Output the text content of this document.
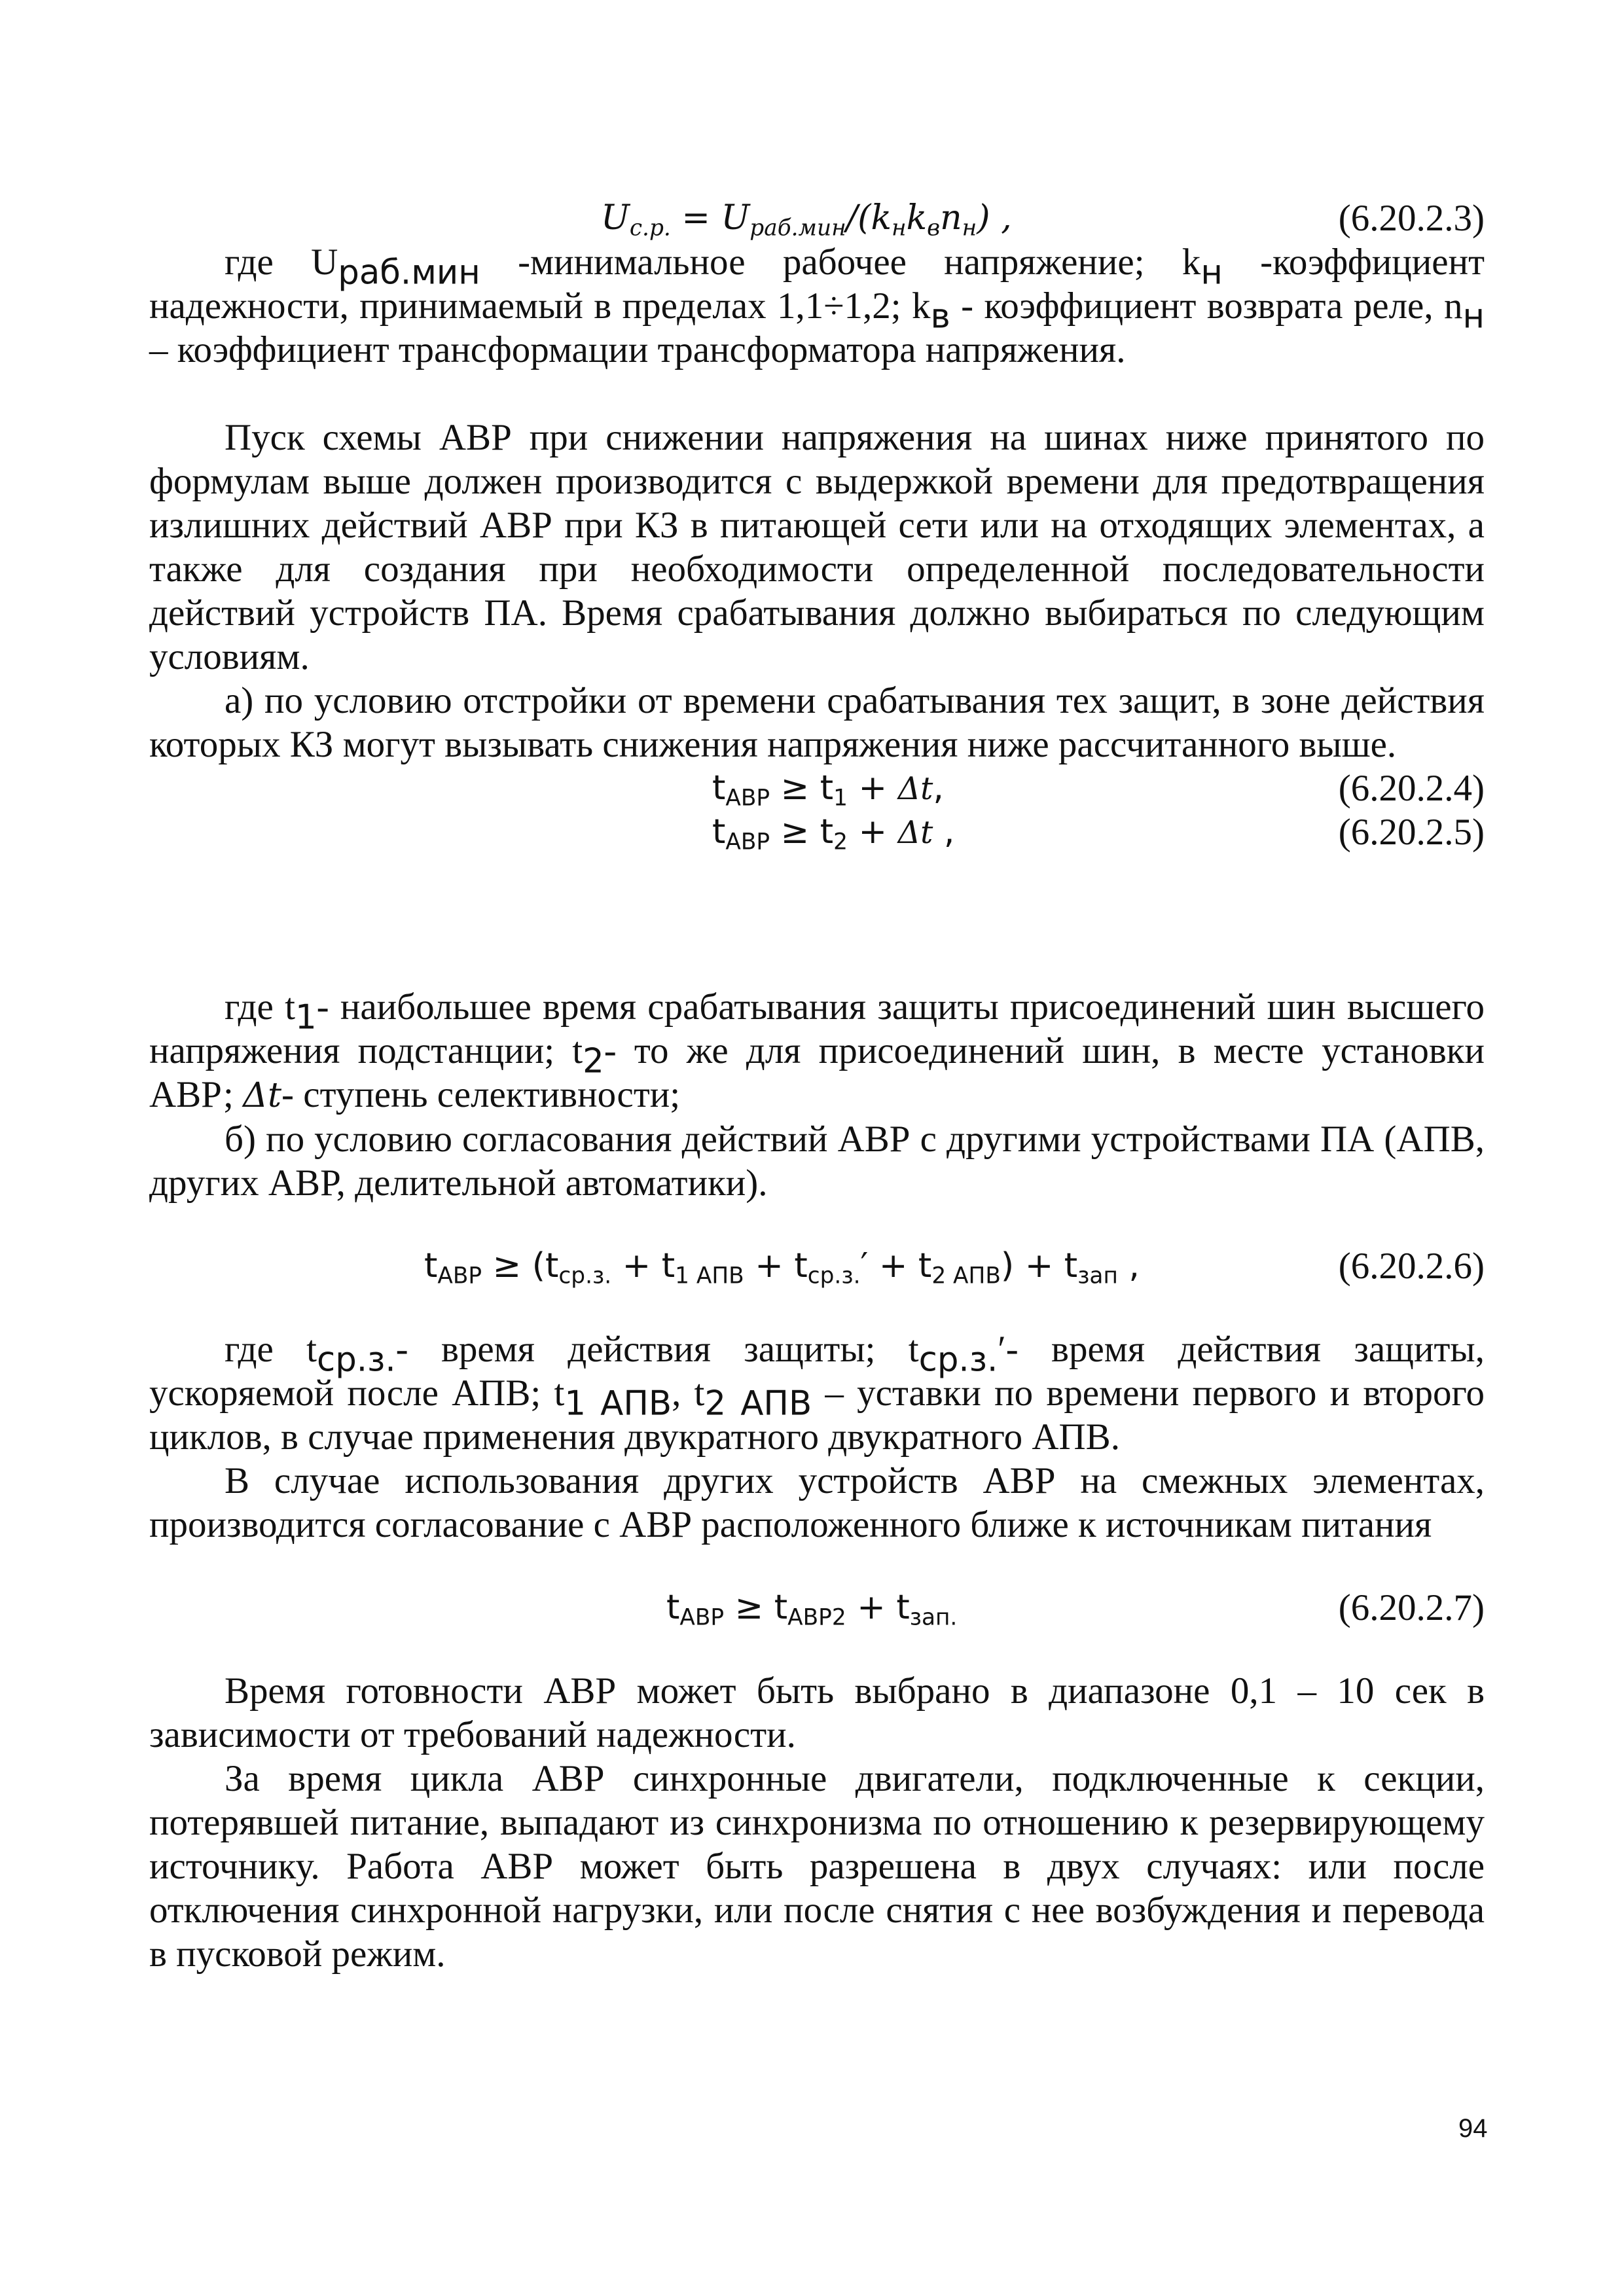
$U_{с.р.} = U_{раб.мин}/(k_нk_вn_н)$ ,	(6.20.2.3)

где $U_{раб.мин}$ -минимальное рабочее напряжение; $k_н$ -коэффициент надежности, принимаемый в пределах 1,1÷1,2; $k_в$ - коэффициент возврата реле, $n_н$ – коэффициент трансформации трансформатора напряжения.

Пуск схемы АВР при снижении напряжения на шинах ниже принятого по формулам выше должен производится с выдержкой времени для предотвращения излишних действий АВР при КЗ в питающей сети или на отходящих элементах, а также для создания при необходимости определенной последовательности действий устройств ПА. Время срабатывания должно выбираться по следующим условиям.

а) по условию отстройки от времени срабатывания тех защит, в зоне действия которых КЗ могут вызывать снижения напряжения ниже рассчитанного выше.

$t_{АВР} \ge t_1 + \Delta t$,	(6.20.2.4)
$t_{АВР} \ge t_2 + \Delta t$ ,	(6.20.2.5)

где $t_1-$ наибольшее время срабатывания защиты присоединений шин высшего напряжения подстанции; $t_2-$ то же для присоединений шин, в месте установки АВР; Δt- ступень селективности;

б) по условию согласования действий АВР с другими устройствами ПА (АПВ, других АВР, делительной автоматики).

$t_{АВР} \ge (t_{ср.з.} + t_{1 АПВ} + t_{ср.з.}' + t_{2 АПВ}) + t_{зап}$ ,	(6.20.2.6)

где $t_{ср.з.}-$ время действия защиты; $t_{ср.з.}'-$ время действия защиты, ускоряемой после АПВ; $t_{1 АПВ}$, $t_{2 АПВ}$ – уставки по времени первого и второго циклов, в случае применения двукратного двукратного АПВ.

В случае использования других устройств АВР на смежных элементах, производится согласование с АВР расположенного ближе к источникам питания

$t_{АВР} \ge t_{АВР2} + t_{зап.}$	(6.20.2.7)

Время готовности АВР может быть выбрано в диапазоне 0,1 – 10 сек в зависимости от требований надежности.

За время цикла АВР синхронные двигатели, подключенные к секции, потерявшей питание, выпадают из синхронизма по отношению к резервирующему источнику. Работа АВР может быть разрешена в двух случаях: или после отключения синхронной нагрузки, или после снятия с нее возбуждения и перевода в пусковой режим.

94
